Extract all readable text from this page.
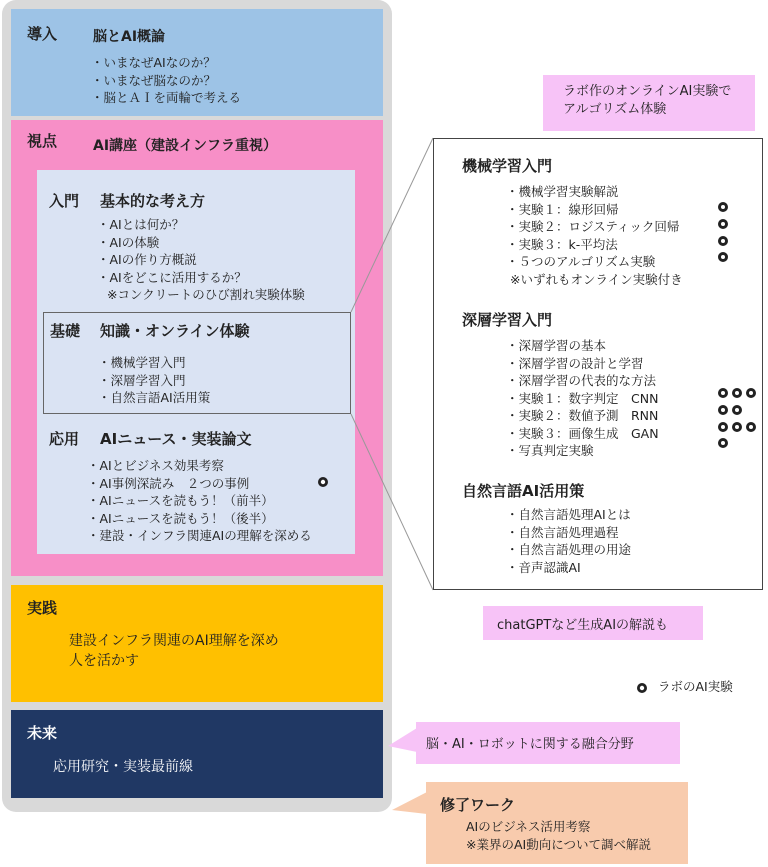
導入	脳とAI概論
・いまなぜAIなのか？
・いまなぜ脳なのか？
・脳とＡＩを両輪で考える
視点	AI講座（建設インフラ重視）
入門 基本的な考え方
・AIとは何か？
・AIの体験
・AIの作り方概説
・AIをどこに活用するか？
※コンクリートのひび割れ実験体験
基礎 知識・オンライン体験
・機械学習入門
・深層学習入門
・自然言語AI活用策
応用 AIニュース・実装論文
・AIとビジネス効果考察
・AI事例深読み　２つの事例
・AIニュースを読もう！（前半）
・AIニュースを読もう！（後半）
・建設・インフラ関連AIの理解を深める
実践
建設インフラ関連のAI理解を深め
人を活かす
未来
応用研究・実装最前線
機械学習入門
・機械学習実験解説
・実験１：線形回帰
・実験２：ロジスティック回帰
・実験３：k-平均法
・５つのアルゴリズム実験
※いずれもオンライン実験付き
深層学習入門
・深層学習の基本
・深層学習の設計と学習
・深層学習の代表的な方法
・実験１：数字判定　CNN
・実験２：数値予測　RNN
・実験３：画像生成　GAN
・写真判定実験
自然言語AI活用策
・自然言語処理AIとは
・自然言語処理過程
・自然言語処理の用途
・音声認識AI
ラボ作のオンラインAI実験で
アルゴリズム体験
chatGPTなど生成AIの解説も
ラボのAI実験
脳・AI・ロボットに関する融合分野
修了ワーク
AIのビジネス活用考察
※業界のAI動向について調べ解説
